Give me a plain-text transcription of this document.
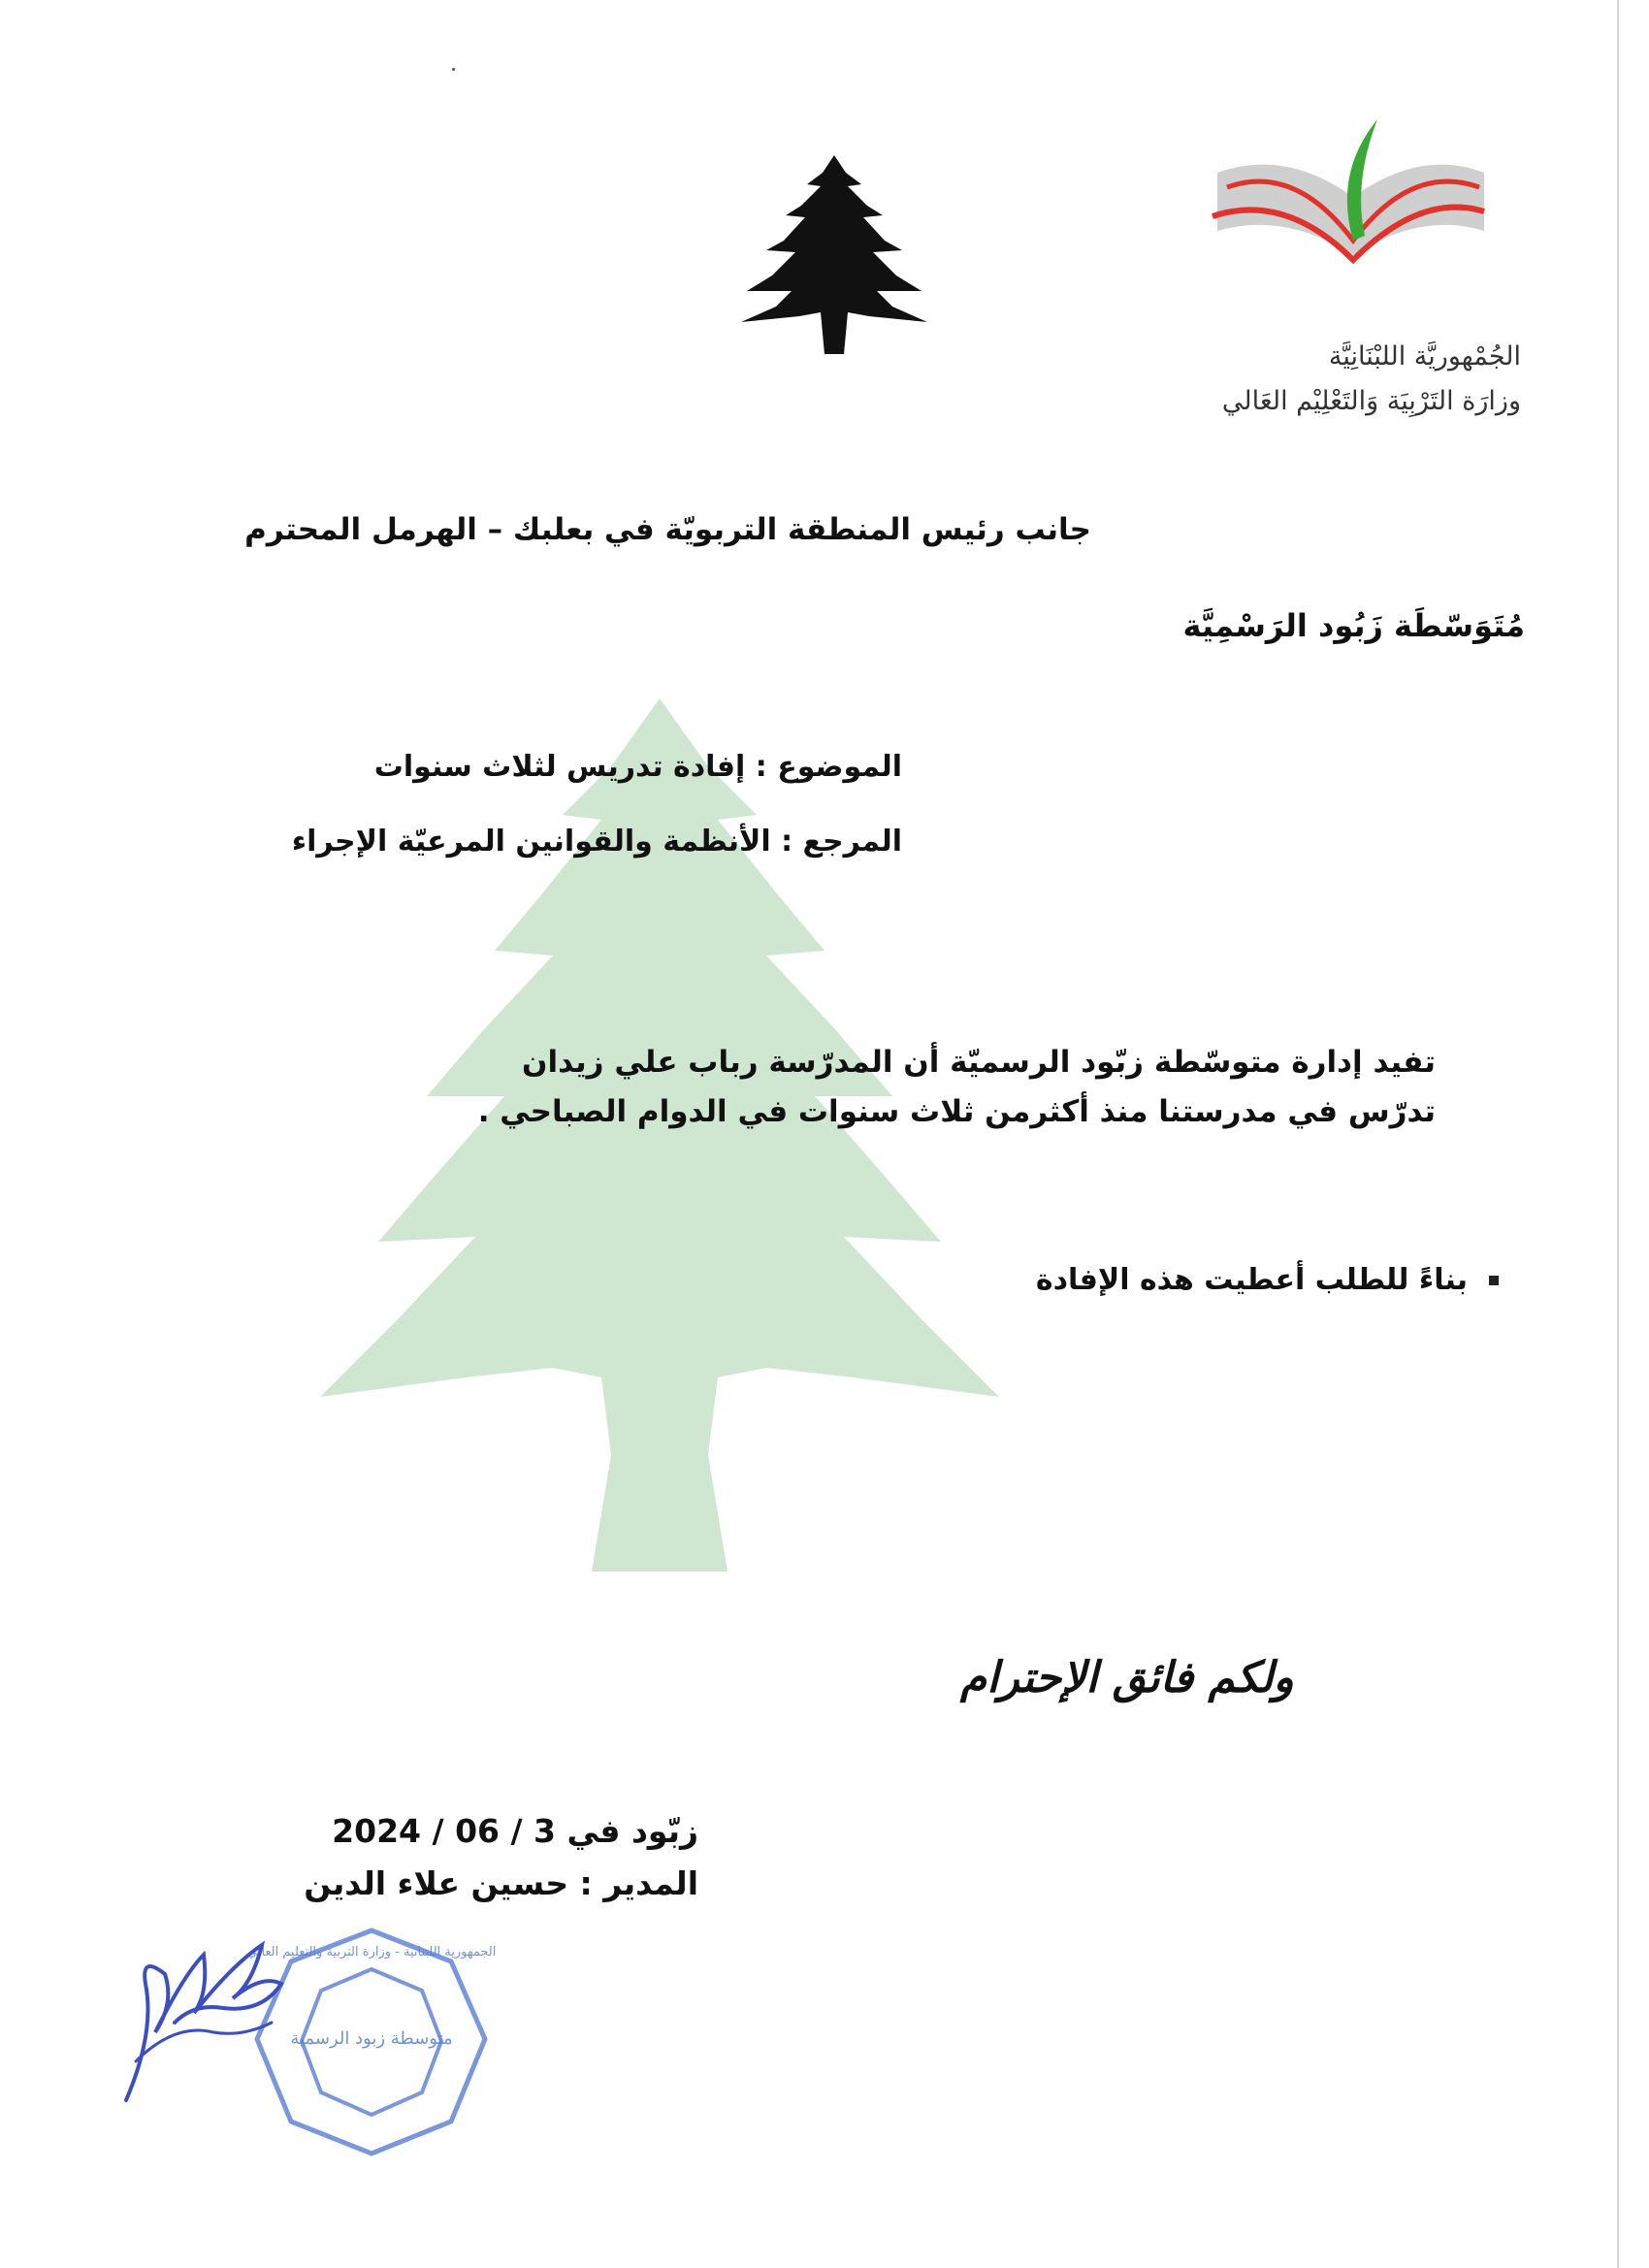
الجُمْهوريَّة اللبْنَانِيَّة
وزارَة التَرْبِيَة وَالتَعْلِيْم العَالي
جانب رئيس المنطقة التربويّة في بعلبك – الهرمل المحترم
مُتَوَسّطَة زَبُود الرَسْمِيَّة
الموضوع : إفادة تدريس لثلاث سنوات
المرجع : الأنظمة والقوانين المرعيّة الإجراء
تفيد إدارة متوسّطة زبّود الرسميّة أن المدرّسة رباب علي زيدان تدرّس في مدرستنا منذ أكثرمن ثلاث سنوات في الدوام الصباحي .
بناءً للطلب أعطيت هذه الإفادة
ولكم فائق الإحترام
زبّود في 3 / 06 / 2024
المدير : حسين علاء الدين
متوسطة زبود الرسمية
الجمهورية اللبنانية - وزارة التربية والتعليم العالي
